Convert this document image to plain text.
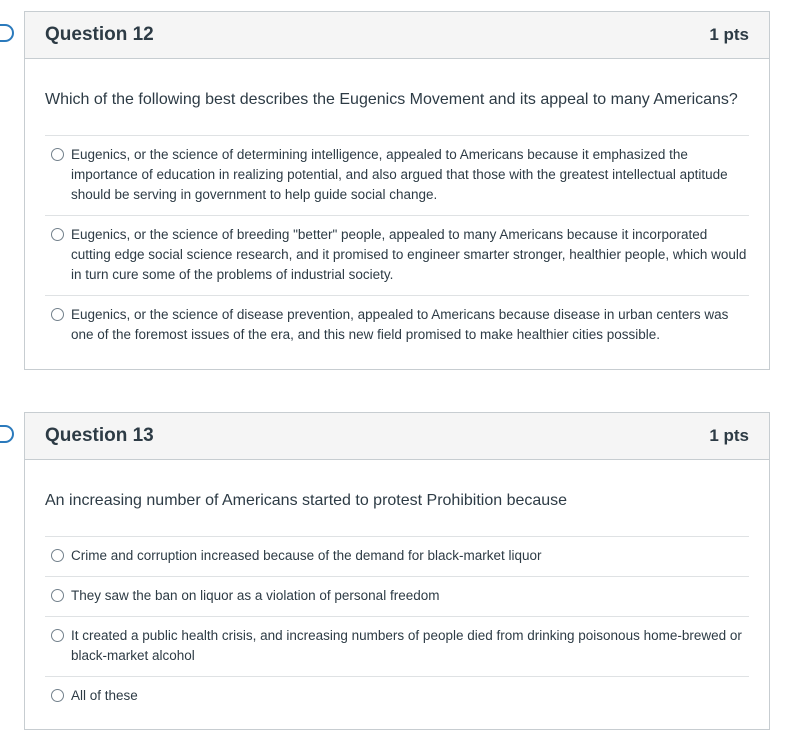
Question 12	1 pts
Which of the following best describes the Eugenics Movement and its appeal to many Americans?
Eugenics, or the science of determining intelligence, appealed to Americans because it emphasized the importance of education in realizing potential, and also argued that those with the greatest intellectual aptitude should be serving in government to help guide social change.
Eugenics, or the science of breeding "better" people, appealed to many Americans because it incorporated cutting edge social science research, and it promised to engineer smarter stronger, healthier people, which would in turn cure some of the problems of industrial society.
Eugenics, or the science of disease prevention, appealed to Americans because disease in urban centers was one of the foremost issues of the era, and this new field promised to make healthier cities possible.
Question 13	1 pts
An increasing number of Americans started to protest Prohibition because
Crime and corruption increased because of the demand for black-market liquor
They saw the ban on liquor as a violation of personal freedom
It created a public health crisis, and increasing numbers of people died from drinking poisonous home-brewed or black-market alcohol
All of these
